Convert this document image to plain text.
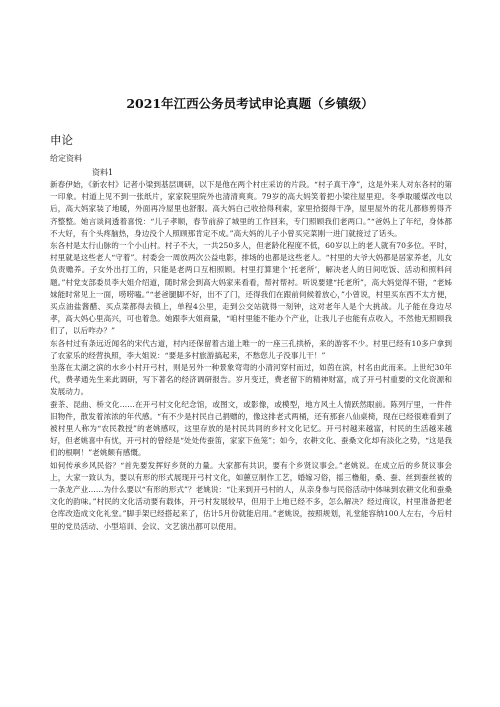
2021年江西公务员考试申论真题（乡镇级）
申论
给定资料
资料1

新春伊始，《新农村》记者小梁到基层调研，以下是他在两个村庄采访的片段。“村子真干净”，这是外来人对东各村的第一印象。村道上见不到一张纸片，家家院里院外也清清爽爽。79岁的高大妈笑着把小梁往屋里迎。冬季取暖煤改电以后，高大妈家装了地暖，外面再冷屋里也舒服。高大妈白己收拾得利索，家里拾掇得干净，屋里屋外的花儿都修剪得齐齐整整。她言谈间透着喜悦：“儿子孝顺，春节前辞了城里的工作回来，专门照顾我们老两口。”“爸妈上了年纪，身体都不大好，有个头疼脑热，身边没个人照顾那肯定不成。”高大妈的儿子小曾买完菜刚一进门就接过了话头。

东各村是太行山脉的一个小山村。村子不大，一共250多人，但老龄化程度不低，60岁以上的老人就有70多位。平时，村里就是这些老人“守着”。村委会一周放两次公益电影，排场的也都是这些老人。“村里的大爷大妈都是居家养老，儿女负责赡养。子女外出打工的，只能是老两口互相照顾。村里打算建个‘托老所’，解决老人的日间吃饭、活动和照料问题。”村党支部委员李大姐介绍道，随时常会到高大妈家来看看，帮衬帮衬。听说要建“托老所”，高大妈觉得不错，“老姊妹能时常见上一面，唠唠嗑。”“老爸腿脚不好，出不了门，还得我们在跟前伺候着放心，”小曾说，村里买东西不太方便，买点油盐酱醋、买点菜都得去镇上，单程4公里，走到公交站就得一刻钟，这对老年人是个大挑战。儿子能在身边尽孝，高大妈心里高兴，可也着急。她跟李大姐商量，“咱村里能不能办个产业，让我儿子也能有点收入，不然他无照顾我们了，以后咋办？”

东各村过有条远近闻名的宋代古道，村内还保留着古道上唯一的一座三孔拱桥，来的游客不少。村里已经有10多户拿到了农家乐的经营执照，李大姐说：“要是多村旅游搞起来，不愁您儿子没事儿干！”

坐落在太湖之滨的水乡小村开弓村，则是另外一种景象弯弯的小清河穿村而过，如茵在滨，村名由此而来。上世纪30年代，费孝通先生来此调研，写下著名的经济调研报告。岁月变迁，费老留下的精神财富，成了开弓村重要的文化资源和发展动力。

蚕茶、昆曲、桥文化……在开弓村文化纪念馆，或图文，或影像，或模型，地方风土人情跃然眼前。陈列厅里，一件件旧物件，散发着浓浓的年代感。“有不少是村民自己捐赠的，像这排老式两桶，还有那套八仙桌椅，现在已经很难看到了被村里人称为“农民教授”的老姚感叹，这里存放的是村民共同的乡村文化记忆。开弓村越来越富，村民的生活越来越好，但老姚喜中有忧，开弓村的曾经是“处处传蚕笛，家家下鱼笼”；如今，农耕文化、蚕桑文化却有淡化之势，“这是我们的根啊！”老姚颇有感慨。

如何传承乡风民俗？“首先要发挥好乡贤的力量。大家都有共识，要有个乡贤议事会。”老姚说。在成立后的乡贤议事会上，大家一致认为，要以有形的形式展现开弓村文化，如蕙豆制作工艺，婚嫁习俗，摇三橹船，桑、蚕、丝到蚕丝被的一条龙产业……为什么要以“有形的形式”？老姚说：“让来到开弓村的人，从亲身参与民俗活动中体味到农耕文化和蚕桑文化的韵味。”村民的文化活动要有载体，开弓村发展较早，但用于上地已经不多，怎么解决？经过商议，村里准备把老仓库改造成文化礼堂。”脚手架已经搭起来了，估计5月份就能启用。”老姚说，按照规划，礼堂能容纳100人左右，今后村里的党员活动、小型培训、会议、文艺演出都可以使用。
